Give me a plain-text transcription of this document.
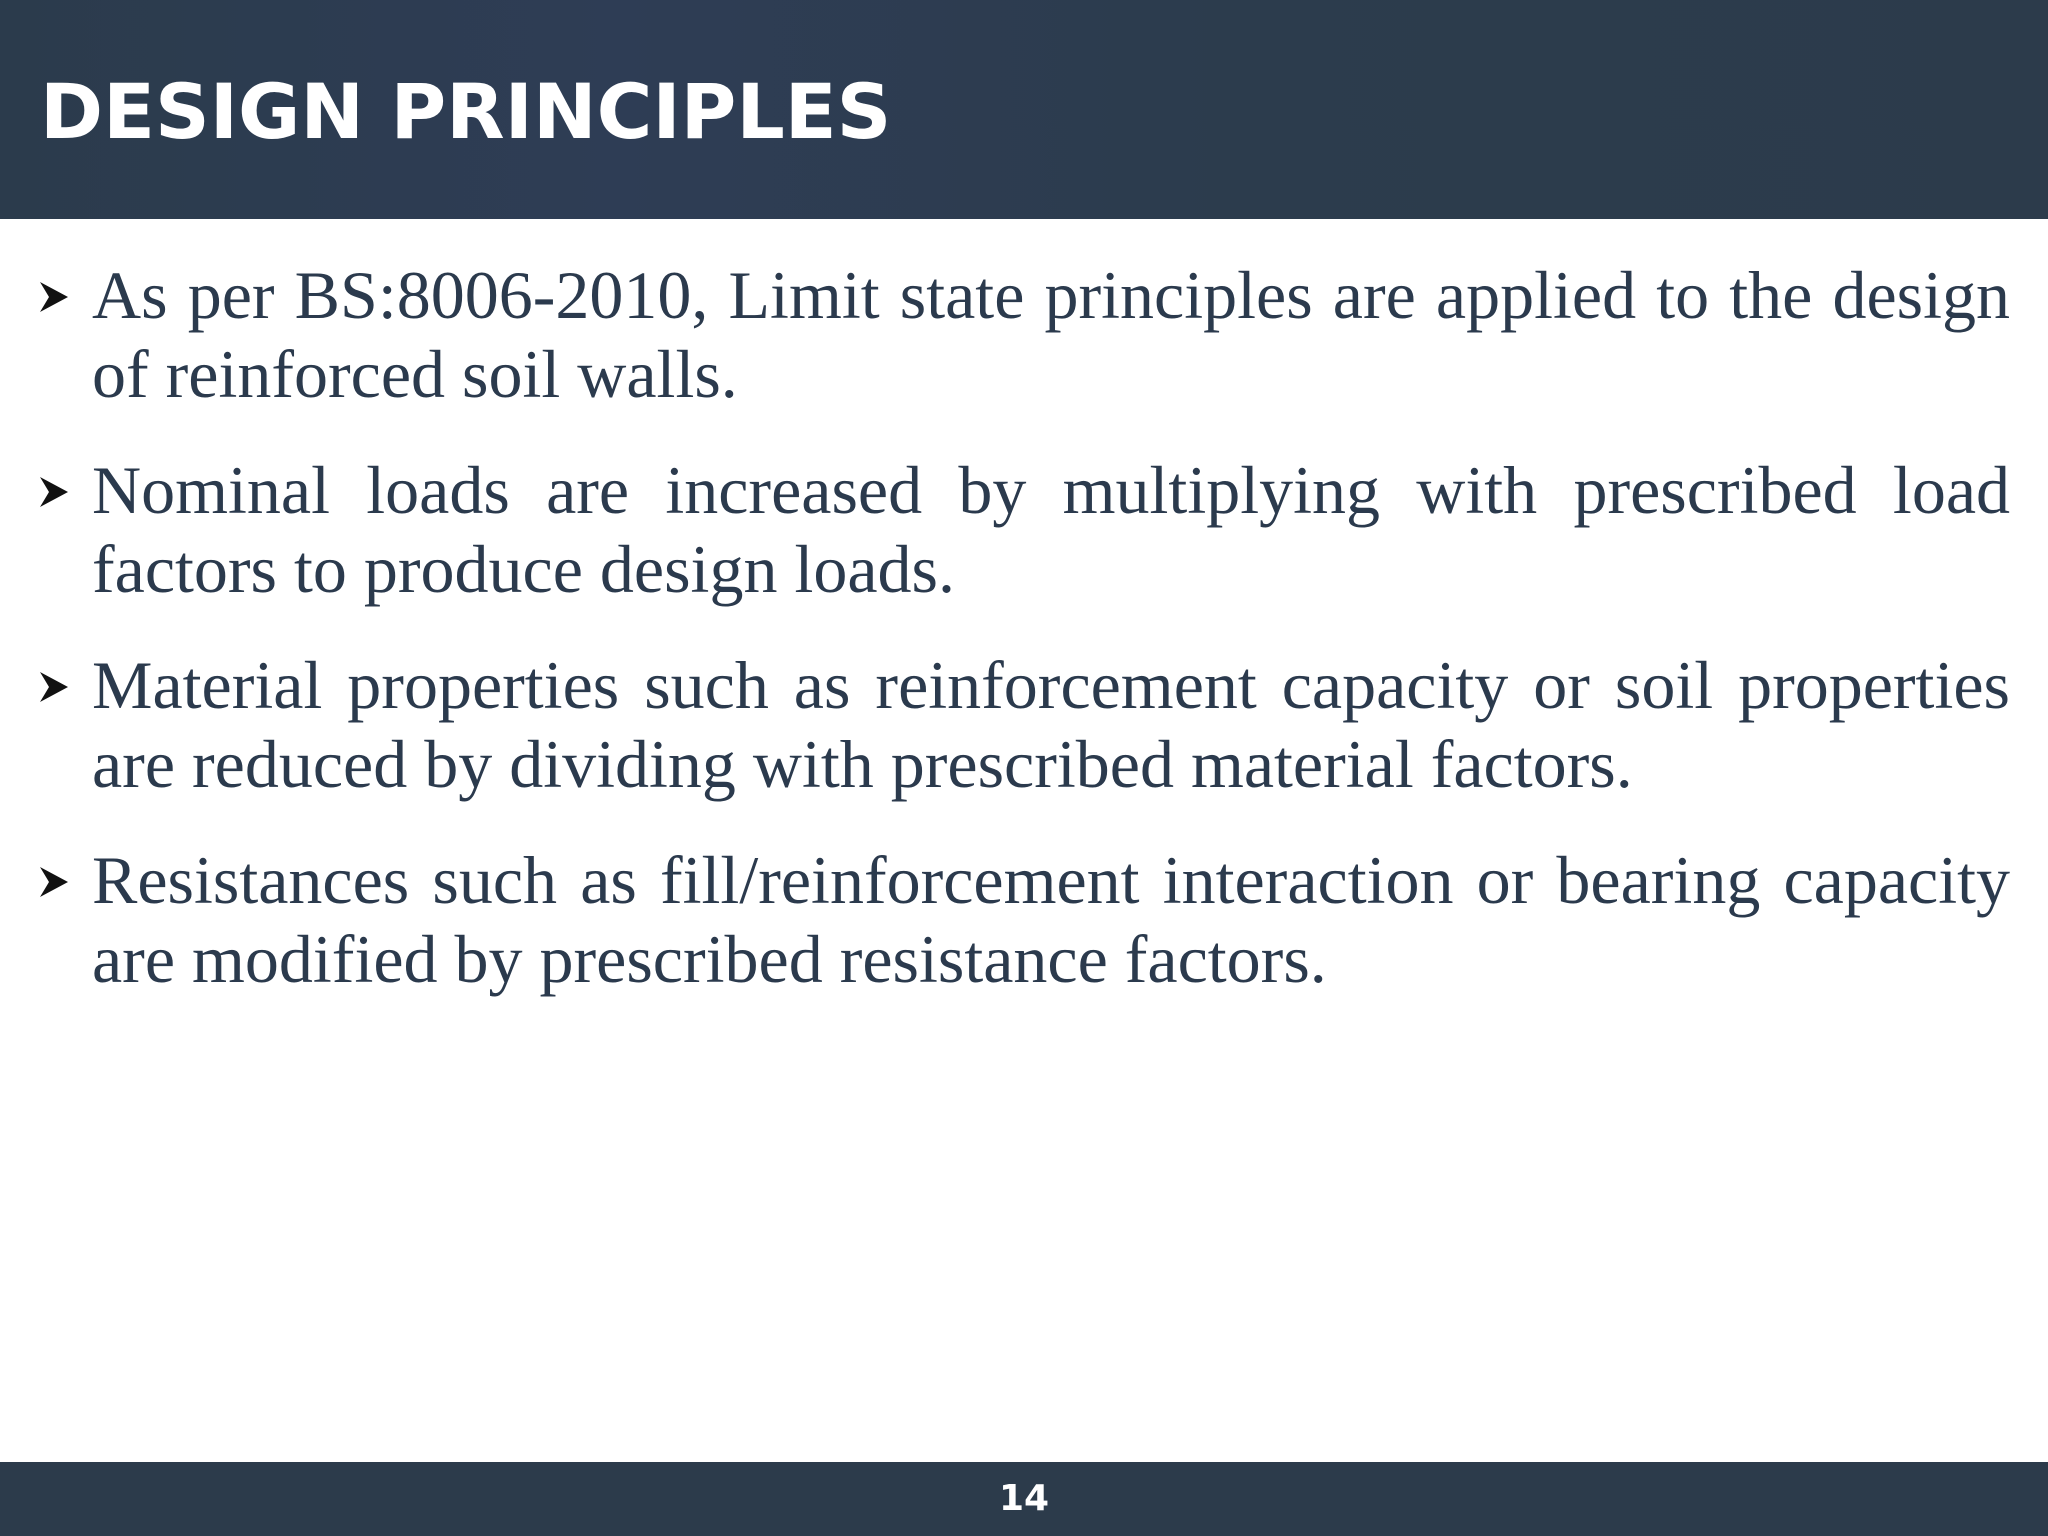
DESIGN PRINCIPLES

As per BS:8006-2010, Limit state principles are applied to the design of reinforced soil walls.

Nominal loads are increased by multiplying with prescribed load factors to produce design loads.

Material properties such as reinforcement capacity or soil properties are reduced by dividing with prescribed material factors.

Resistances such as fill/reinforcement interaction or bearing capacity are modified by prescribed resistance factors.

14
